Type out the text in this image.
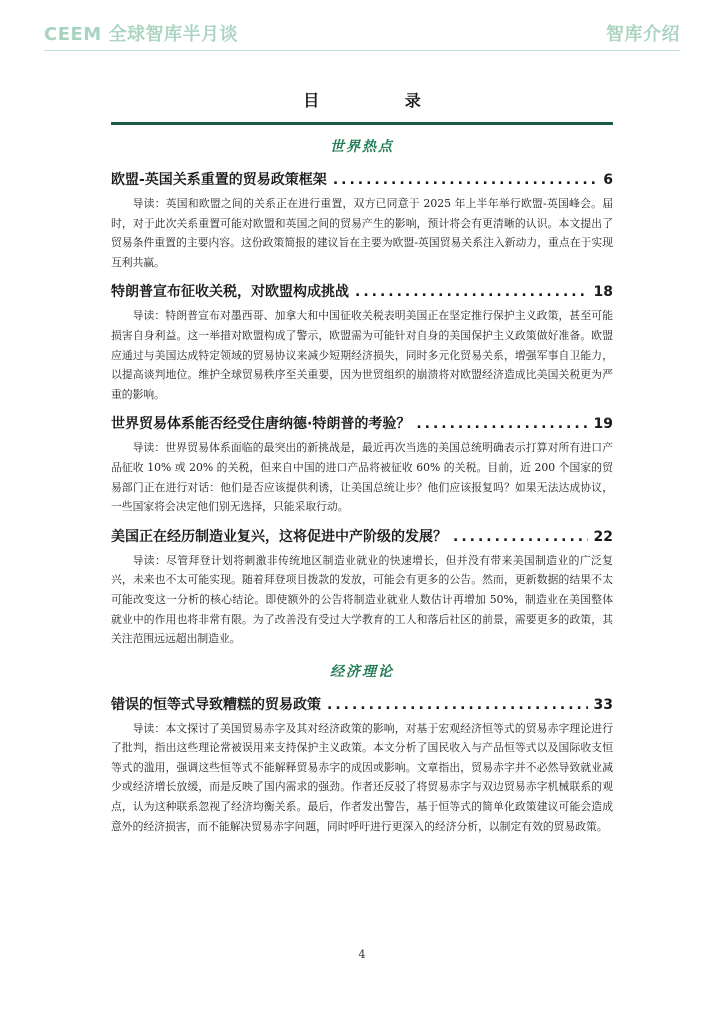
CEEM 全球智库半月谈	智库介绍
目 录
世界热点
欧盟-英国关系重置的贸易政策框架 .....	6
导读：英国和欧盟之间的关系正在进行重置，双方已同意于 2025 年上半年举行欧盟-英国峰会。届时，对于此次关系重置可能对欧盟和英国之间的贸易产生的影响，预计将会有更清晰的认识。本文提出了贸易条件重置的主要内容。这份政策简报的建议旨在主要为欧盟-英国贸易关系注入新动力，重点在于实现互利共赢。
特朗普宣布征收关税，对欧盟构成挑战 .....	18
导读：特朗普宣布对墨西哥、加拿大和中国征收关税表明美国正在坚定推行保护主义政策，甚至可能损害自身利益。这一举措对欧盟构成了警示，欧盟需为可能针对自身的美国保护主义政策做好准备。欧盟应通过与美国达成特定领域的贸易协议来减少短期经济损失，同时多元化贸易关系，增强军事自卫能力，以提高谈判地位。维护全球贸易秩序至关重要，因为世贸组织的崩溃将对欧盟经济造成比美国关税更为严重的影响。
世界贸易体系能否经受住唐纳德·特朗普的考验？ .....	19
导读：世界贸易体系面临的最突出的新挑战是，最近再次当选的美国总统明确表示打算对所有进口产品征收 10% 或 20% 的关税，但来自中国的进口产品将被征收 60% 的关税。目前，近 200 个国家的贸易部门正在进行对话：他们是否应该提供利诱，让美国总统让步？他们应该报复吗？如果无法达成协议，一些国家将会决定他们别无选择，只能采取行动。
美国正在经历制造业复兴，这将促进中产阶级的发展？ .....	22
导读：尽管拜登计划将刺激非传统地区制造业就业的快速增长，但并没有带来美国制造业的广泛复兴，未来也不太可能实现。随着拜登项目拨款的发放，可能会有更多的公告。然而，更新数据的结果不太可能改变这一分析的核心结论。即使额外的公告将制造业就业人数估计再增加 50%，制造业在美国整体就业中的作用也将非常有限。为了改善没有受过大学教育的工人和落后社区的前景，需要更多的政策，其关注范围远远超出制造业。
经济理论
错误的恒等式导致糟糕的贸易政策 .....	33
导读：本文探讨了美国贸易赤字及其对经济政策的影响，对基于宏观经济恒等式的贸易赤字理论进行了批判，指出这些理论常被误用来支持保护主义政策。本文分析了国民收入与产品恒等式以及国际收支恒等式的滥用，强调这些恒等式不能解释贸易赤字的成因或影响。文章指出，贸易赤字并不必然导致就业减少或经济增长放缓，而是反映了国内需求的强劲。作者还反驳了将贸易赤字与双边贸易赤字机械联系的观点，认为这种联系忽视了经济均衡关系。最后，作者发出警告，基于恒等式的简单化政策建议可能会造成意外的经济损害，而不能解决贸易赤字问题，同时呼吁进行更深入的经济分析，以制定有效的贸易政策。
4
